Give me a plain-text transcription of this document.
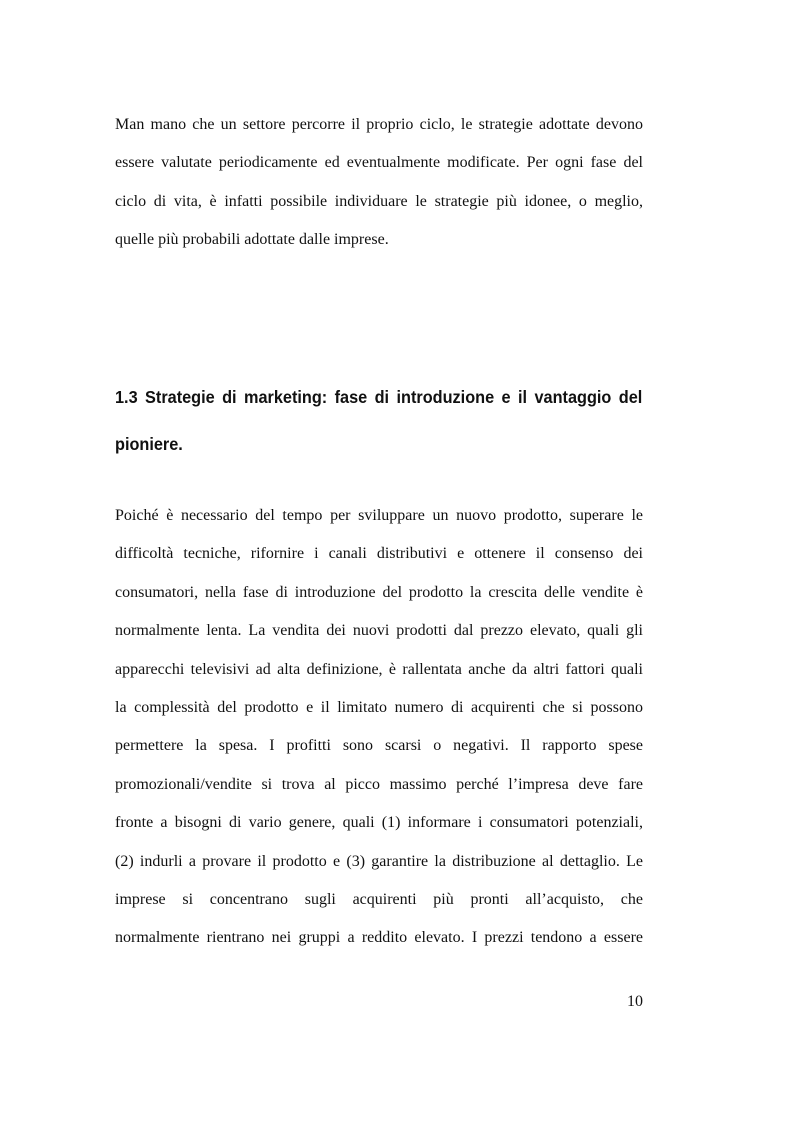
Man mano che un settore percorre il proprio ciclo, le strategie adottate devono
essere valutate periodicamente ed eventualmente modificate. Per ogni fase del
ciclo di vita, è infatti possibile individuare le strategie più idonee, o meglio,
quelle più probabili adottate dalle imprese.

1.3 Strategie di marketing: fase di introduzione e il vantaggio del
pioniere.

Poiché è necessario del tempo per sviluppare un nuovo prodotto, superare le
difficoltà tecniche, rifornire i canali distributivi e ottenere il consenso dei
consumatori, nella fase di introduzione del prodotto la crescita delle vendite è
normalmente lenta. La vendita dei nuovi prodotti dal prezzo elevato, quali gli
apparecchi televisivi ad alta definizione, è rallentata anche da altri fattori quali
la complessità del prodotto e il limitato numero di acquirenti che si possono
permettere la spesa. I profitti sono scarsi o negativi. Il rapporto spese
promozionali/vendite si trova al picco massimo perché l’impresa deve fare
fronte a bisogni di vario genere, quali (1) informare i consumatori potenziali,
(2) indurli a provare il prodotto e (3) garantire la distribuzione al dettaglio. Le
imprese si concentrano sugli acquirenti più pronti all’acquisto, che
normalmente rientrano nei gruppi a reddito elevato. I prezzi tendono a essere

10
